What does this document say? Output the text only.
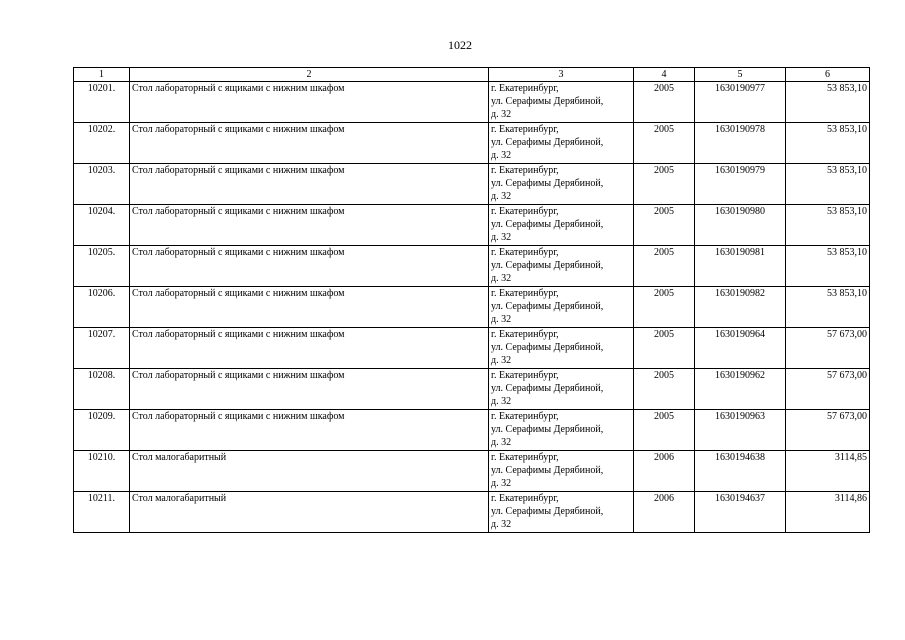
1022
1	2	3	4	5	6
10201.	Стол лабораторный с ящиками с нижним шкафом	г. Екатеринбург,
ул. Серафимы Дерябиной,
д. 32	2005	1630190977	53 853,10
10202.	Стол лабораторный с ящиками с нижним шкафом	г. Екатеринбург,
ул. Серафимы Дерябиной,
д. 32	2005	1630190978	53 853,10
10203.	Стол лабораторный с ящиками с нижним шкафом	г. Екатеринбург,
ул. Серафимы Дерябиной,
д. 32	2005	1630190979	53 853,10
10204.	Стол лабораторный с ящиками с нижним шкафом	г. Екатеринбург,
ул. Серафимы Дерябиной,
д. 32	2005	1630190980	53 853,10
10205.	Стол лабораторный с ящиками с нижним шкафом	г. Екатеринбург,
ул. Серафимы Дерябиной,
д. 32	2005	1630190981	53 853,10
10206.	Стол лабораторный с ящиками с нижним шкафом	г. Екатеринбург,
ул. Серафимы Дерябиной,
д. 32	2005	1630190982	53 853,10
10207.	Стол лабораторный с ящиками с нижним шкафом	г. Екатеринбург,
ул. Серафимы Дерябиной,
д. 32	2005	1630190964	57 673,00
10208.	Стол лабораторный с ящиками с нижним шкафом	г. Екатеринбург,
ул. Серафимы Дерябиной,
д. 32	2005	1630190962	57 673,00
10209.	Стол лабораторный с ящиками с нижним шкафом	г. Екатеринбург,
ул. Серафимы Дерябиной,
д. 32	2005	1630190963	57 673,00
10210.	Стол малогабаритный	г. Екатеринбург,
ул. Серафимы Дерябиной,
д. 32	2006	1630194638	3114,85
10211.	Стол малогабаритный	г. Екатеринбург,
ул. Серафимы Дерябиной,
д. 32	2006	1630194637	3114,86
